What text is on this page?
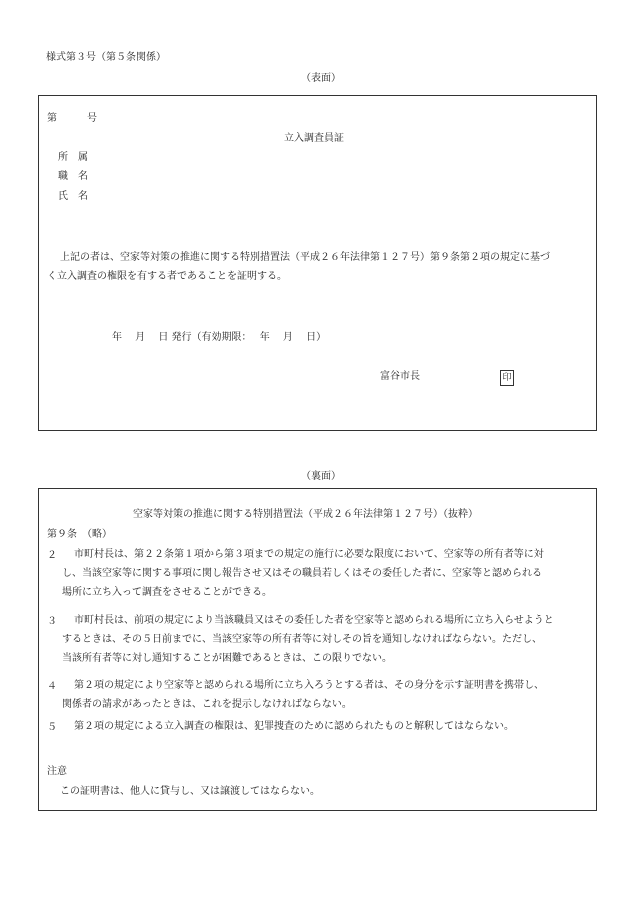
様式第３号（第５条関係）
（表面）
第　　　号
立入調査員証
所　属
職　名
氏　名
上記の者は、空家等対策の推進に関する特別措置法（平成２６年法律第１２７号）第９条第２項の規定に基づ
く立入調査の権限を有する者であることを証明する。
年　 月　 日 発行（有効期限：　 年　 月　 日）
富谷市長	印
（裏面）
空家等対策の推進に関する特別措置法（平成２６年法律第１２７号）（抜粋）
第９条　（略）
２	市町村長は、第２２条第１項から第３項までの規定の施行に必要な限度において、空家等の所有者等に対
し、当該空家等に関する事項に関し報告させ又はその職員若しくはその委任した者に、空家等と認められる
場所に立ち入って調査をさせることができる。
３	市町村長は、前項の規定により当該職員又はその委任した者を空家等と認められる場所に立ち入らせようと
するときは、その５日前までに、当該空家等の所有者等に対しその旨を通知しなければならない。ただし、
当該所有者等に対し通知することが困難であるときは、この限りでない。
４	第２項の規定により空家等と認められる場所に立ち入ろうとする者は、その身分を示す証明書を携帯し、
関係者の請求があったときは、これを提示しなければならない。
５	第２項の規定による立入調査の権限は、犯罪捜査のために認められたものと解釈してはならない。
注意
この証明書は、他人に貸与し、又は譲渡してはならない。
